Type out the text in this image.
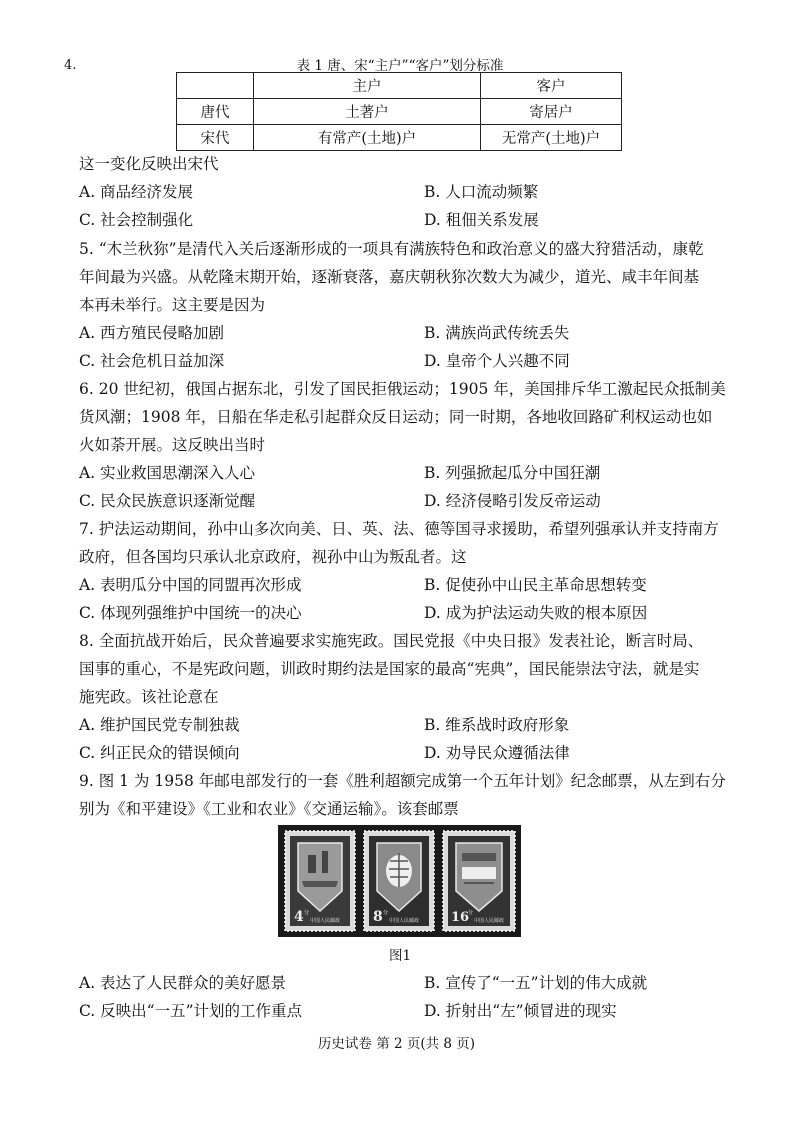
4.	表 1 唐、宋“主户”“客户”划分标准
	主户	客户
唐代	土著户	寄居户
宋代	有常产(土地)户	无常产(土地)户
这一变化反映出宋代
A. 商品经济发展	B. 人口流动频繁
C. 社会控制强化	D. 租佃关系发展
5. “木兰秋狝”是清代入关后逐渐形成的一项具有满族特色和政治意义的盛大狩猎活动，康乾
年间最为兴盛。从乾隆末期开始，逐渐衰落，嘉庆朝秋狝次数大为减少，道光、咸丰年间基
本再未举行。这主要是因为
A. 西方殖民侵略加剧	B. 满族尚武传统丢失
C. 社会危机日益加深	D. 皇帝个人兴趣不同
6. 20 世纪初，俄国占据东北，引发了国民拒俄运动；1905 年，美国排斥华工激起民众抵制美
货风潮；1908 年，日船在华走私引起群众反日运动；同一时期，各地收回路矿利权运动也如
火如荼开展。这反映出当时
A. 实业救国思潮深入人心	B. 列强掀起瓜分中国狂潮
C. 民众民族意识逐渐觉醒	D. 经济侵略引发反帝运动
7. 护法运动期间，孙中山多次向美、日、英、法、德等国寻求援助，希望列强承认并支持南方
政府，但各国均只承认北京政府，视孙中山为叛乱者。这
A. 表明瓜分中国的同盟再次形成	B. 促使孙中山民主革命思想转变
C. 体现列强维护中国统一的决心	D. 成为护法运动失败的根本原因
8. 全面抗战开始后，民众普遍要求实施宪政。国民党报《中央日报》发表社论，断言时局、
国事的重心，不是宪政问题，训政时期约法是国家的最高“宪典”，国民能崇法守法，就是实
施宪政。该社论意在
A. 维护国民党专制独裁	B. 维系战时政府形象
C. 纠正民众的错误倾向	D. 劝导民众遵循法律
9. 图 1 为 1958 年邮电部发行的一套《胜利超额完成第一个五年计划》纪念邮票，从左到右分
别为《和平建设》《工业和农业》《交通运输》。该套邮票
4 分
中国人民邮政 8 分
中国人民邮政 16
分
中国人民邮政
图1
A. 表达了人民群众的美好愿景	B. 宣传了“一五”计划的伟大成就
C. 反映出“一五”计划的工作重点	D. 折射出“左”倾冒进的现实
历史试卷 第 2 页(共 8 页)
